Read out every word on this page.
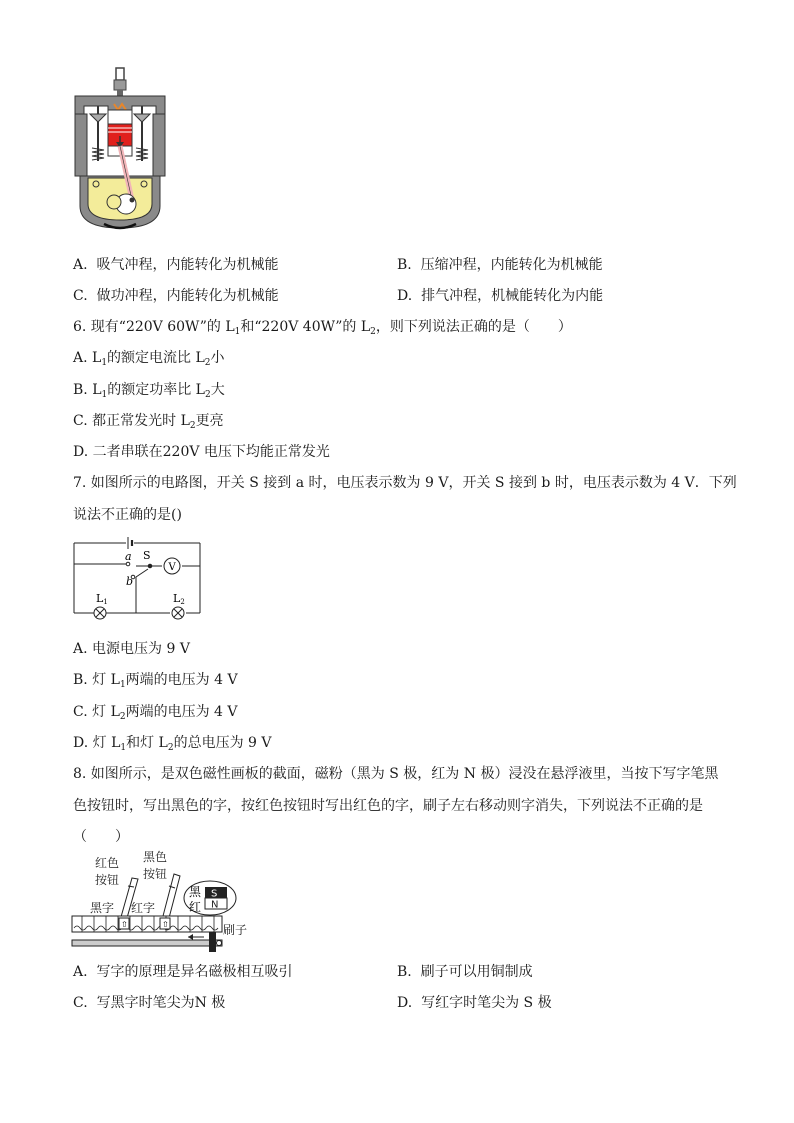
A. 吸气冲程，内能转化为机械能	B. 压缩冲程，内能转化为机械能
C. 做功冲程，内能转化为机械能	D. 排气冲程，机械能转化为内能
6. 现有“220V 60W”的 $L_1$和“220V 40W”的 $L_2$，则下列说法正确的是（　　）
A. $L_1$的额定电流比 $L_2$小
B. $L_1$的额定功率比 $L_2$大
C. 都正常发光时 $L_2$更亮
D. 二者串联在220V 电压下均能正常发光
7. 如图所示的电路图，开关 S 接到 a 时，电压表示数为 9 V，开关 S 接到 b 时，电压表示数为 4 V．下列
说法不正确的是()
V
a
b
S
L1	L2
A. 电源电压为 9 V
B. 灯 $L_1$两端的电压为 4 V
C. 灯 $L_2$两端的电压为 4 V
D. 灯 $L_1$和灯 $L_2$的总电压为 9 V
8. 如图所示，是双色磁性画板的截面，磁粉（黑为 S 极，红为 N 极）浸没在悬浮液里，当按下写字笔黑
色按钮时，写出黑色的字，按红色按钮时写出红色的字，刷子左右移动则字消失，下列说法不正确的是
（　　）
红色
按钮
黑色
按钮
黑字 红字
刷子
黑
红
S
N
⇧	⇧
A. 写字的原理是异名磁极相互吸引	B. 刷子可以用铜制成
C. 写黑字时笔尖为N 极	D. 写红字时笔尖为 S 极
